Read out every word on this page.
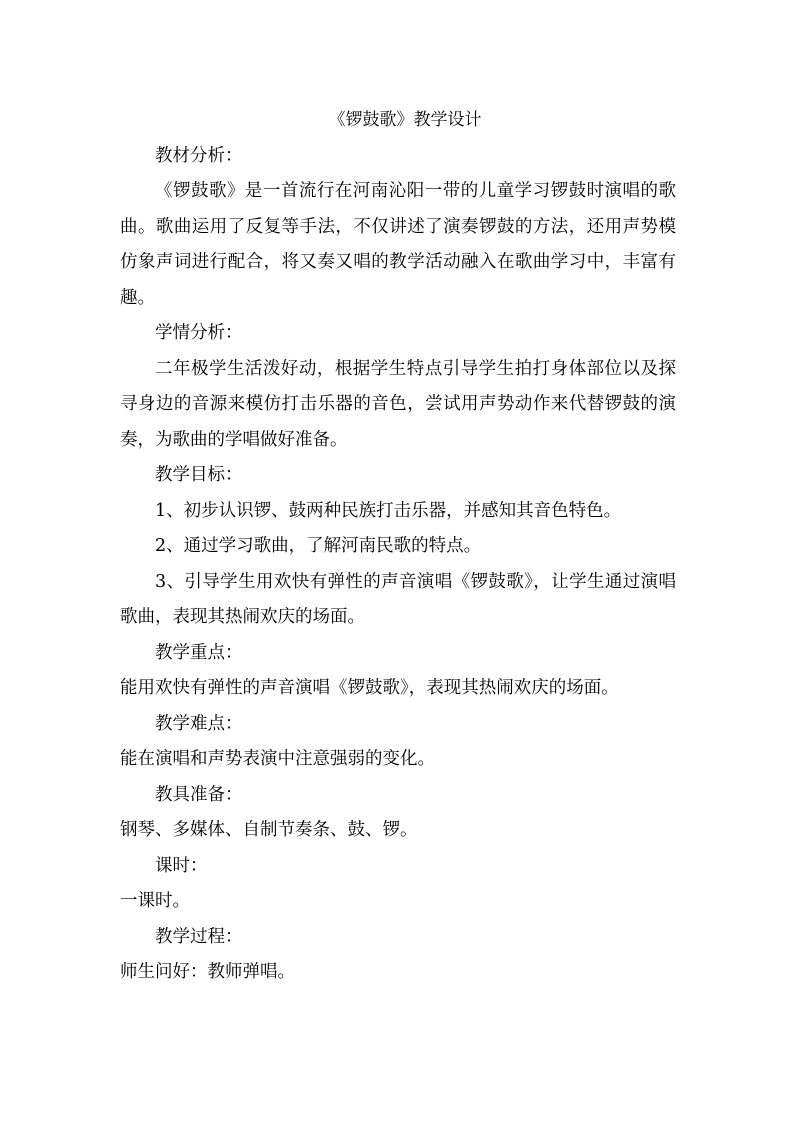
《锣鼓歌》教学设计

教材分析：

《锣鼓歌》是一首流行在河南沁阳一带的儿童学习锣鼓时演唱的歌曲。歌曲运用了反复等手法，不仅讲述了演奏锣鼓的方法，还用声势模仿象声词进行配合，将又奏又唱的教学活动融入在歌曲学习中，丰富有趣。

学情分析：

二年极学生活泼好动，根据学生特点引导学生拍打身体部位以及探寻身边的音源来模仿打击乐器的音色，尝试用声势动作来代替锣鼓的演奏，为歌曲的学唱做好准备。

教学目标：

1、初步认识锣、鼓两种民族打击乐器，并感知其音色特色。

2、通过学习歌曲，了解河南民歌的特点。

3、引导学生用欢快有弹性的声音演唱《锣鼓歌》，让学生通过演唱歌曲，表现其热闹欢庆的场面。

教学重点：

能用欢快有弹性的声音演唱《锣鼓歌》，表现其热闹欢庆的场面。

教学难点：

能在演唱和声势表演中注意强弱的变化。

教具准备：

钢琴、多媒体、自制节奏条、鼓、锣。

课时：

一课时。

教学过程：

师生问好：教师弹唱。
